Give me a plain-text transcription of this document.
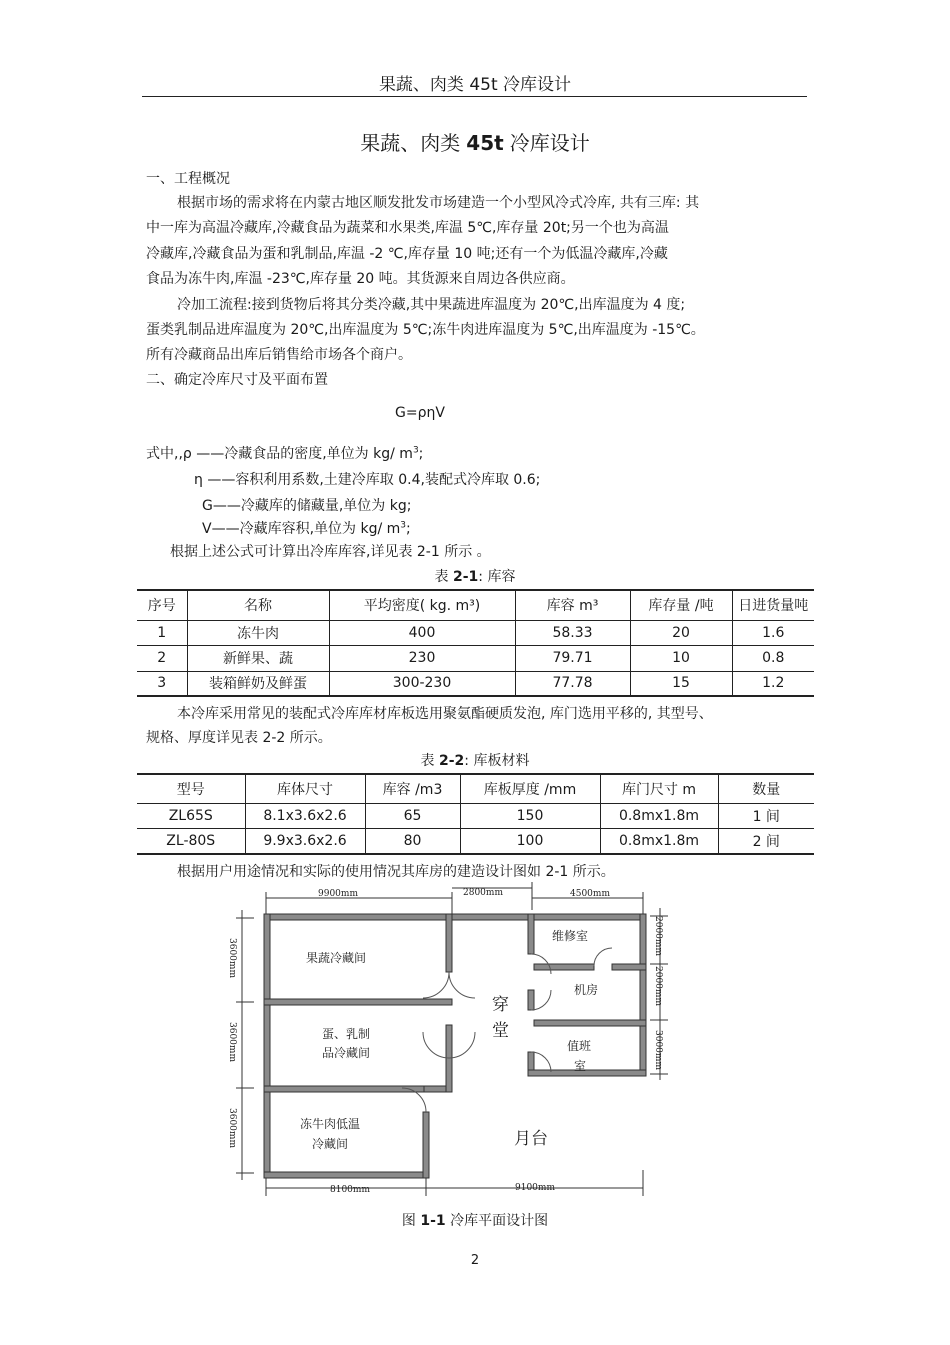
果蔬、肉类 45t 冷库设计
果蔬、肉类 45t 冷库设计
一、工程概况
根据市场的需求将在内蒙古地区顺发批发市场建造一个小型风冷式冷库, 共有三库: 其
中一库为高温冷藏库,冷藏食品为蔬菜和水果类,库温 5℃,库存量 20t;另一个也为高温
冷藏库,冷藏食品为蛋和乳制品,库温 -2 ℃,库存量 10 吨;还有一个为低温冷藏库,冷藏
食品为冻牛肉,库温 -23℃,库存量 20 吨。其货源来自周边各供应商。
冷加工流程:接到货物后将其分类冷藏,其中果蔬进库温度为 20℃,出库温度为 4 度;
蛋类乳制品进库温度为 20℃,出库温度为 5℃;冻牛肉进库温度为 5℃,出库温度为 -15℃。
所有冷藏商品出库后销售给市场各个商户。
二、确定冷库尺寸及平面布置
G=ρηV
式中,,ρ ——冷藏食品的密度,单位为 kg/ $m^3$;
η ——容积利用系数,土建冷库取 0.4,装配式冷库取 0.6;
G——冷藏库的储藏量,单位为 kg;
V——冷藏库容积,单位为 kg/ $m^3$;
根据上述公式可计算出冷库库容,详见表 2-1 所示 。
表 2-1: 库容
序号	名称	平均密度( kg. m³)	库容 m³	库存量 /吨	日进货量吨
1	冻牛肉	400	58.33	20	1.6
2	新鲜果、蔬	230	79.71	10	0.8
3	装箱鲜奶及鲜蛋	300-230	77.78	15	1.2
本冷库采用常见的装配式冷库库材库板选用聚氨酯硬质发泡, 库门选用平移的, 其型号、
规格、厚度详见表 2-2 所示。
表 2-2: 库板材料
型号	库体尺寸	库容 /m3	库板厚度 /mm	库门尺寸 m	数量
ZL65S	8.1x3.6x2.6	65	150	0.8mx1.8m	1 间
ZL-80S	9.9x3.6x2.6	80	100	0.8mx1.8m	2 间
根据用户用途情况和实际的使用情况其库房的建造设计图如 2-1 所示。
9900mm	2800mm	4500mm
8100mm	9100mm
3600mm
3600mm
3600mm
2000mm
2000mm
3000mm
果蔬冷藏间
蛋、乳制
品冷藏间
冻牛肉低温
冷藏间
维修室
机房
值班
室
穿
堂
月台
图 1-1 冷库平面设计图
2
